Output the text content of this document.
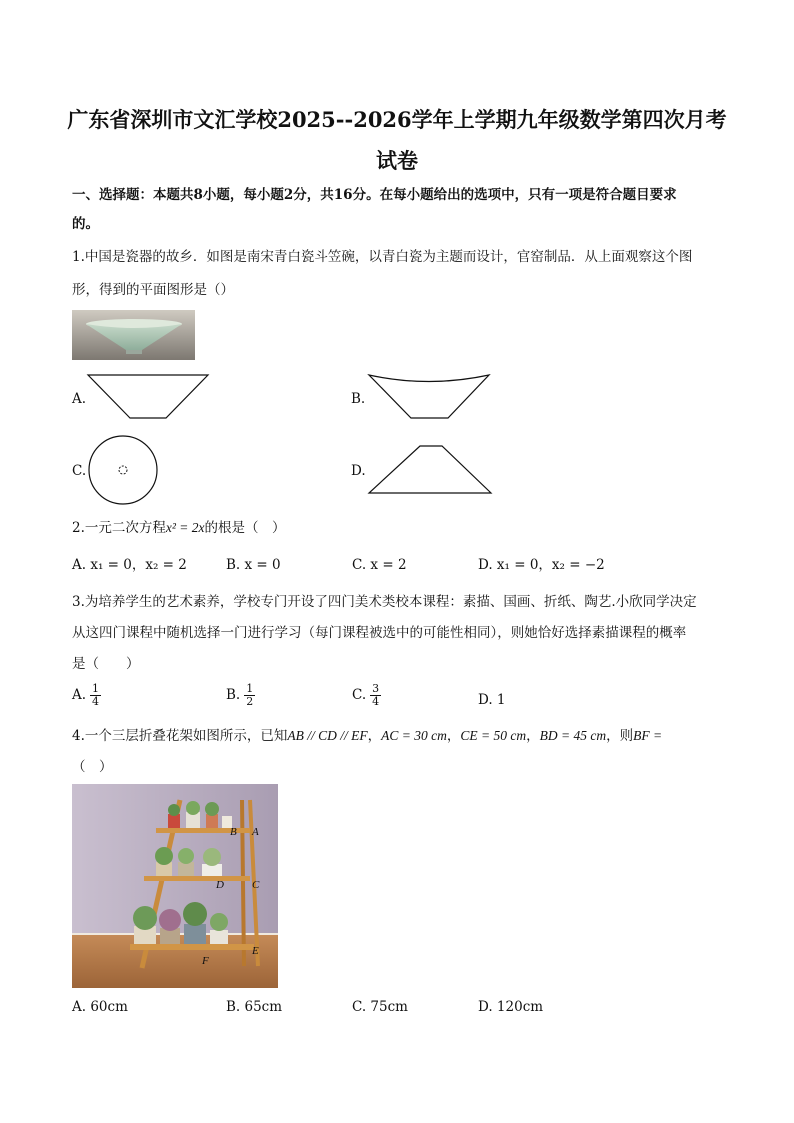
广东省深圳市文汇学校2025--2026学年上学期九年级数学第四次月考
试卷
一、选择题：本题共8小题，每小题2分，共16分。在每小题给出的选项中，只有一项是符合题目要求
的。
1.中国是瓷器的故乡．如图是南宋青白瓷斗笠碗，以青白瓷为主题而设计，官窑制品．从上面观察这个图
形，得到的平面图形是（）
A.	B.
C.	D.
2.一元二次方程x² = 2x的根是（　）
A. x₁ = 0，x₂ = 2	B. x = 0	C. x = 2	D. x₁ = 0，x₂ = −2
3.为培养学生的艺术素养，学校专门开设了四门美术类校本课程：素描、国画、折纸、陶艺.小欣同学决定
从这四门课程中随机选择一门进行学习（每门课程被选中的可能性相同），则她恰好选择素描课程的概率
是（　　）
A. $\frac{1}{4}$	B. $\frac{1}{2}$	C. $\frac{3}{4}$	D. 1
4.一个三层折叠花架如图所示，已知AB // CD // EF，AC = 30 cm，CE = 50 cm，BD = 45 cm，则BF =
（　）
B A
D	C
E
F
A. 60cm	B. 65cm	C. 75cm	D. 120cm
